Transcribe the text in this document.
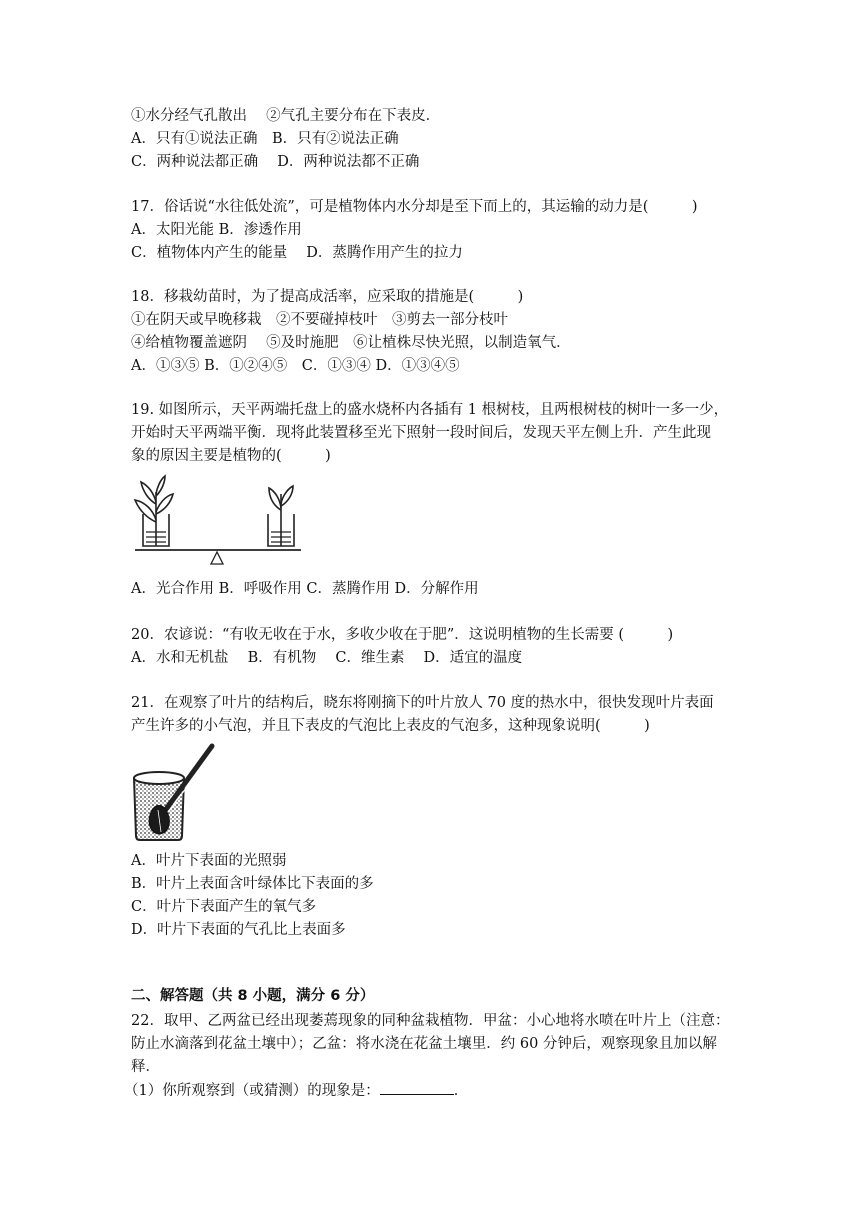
①水分经气孔散出　 ②气孔主要分布在下表皮．
A．只有①说法正确　B．只有②说法正确
C．两种说法都正确　 D．两种说法都不正确
17．俗话说“水往低处流”，可是植物体内水分却是至下而上的，其运输的动力是(　　　)
A．太阳光能 B．渗透作用
C．植物体内产生的能量　 D．蒸腾作用产生的拉力
18．移栽幼苗时，为了提高成活率，应采取的措施是(　　　)
①在阴天或早晚移栽　②不要碰掉枝叶　③剪去一部分枝叶
④给植物覆盖遮阴　 ⑤及时施肥　⑥让植株尽快光照，以制造氧气．
A．①③⑤ B．①②④⑤　C．①③④ D．①③④⑤
19. 如图所示，天平两端托盘上的盛水烧杯内各插有 1 根树枝，且两根树枝的树叶一多一少，
开始时天平两端平衡．现将此装置移至光下照射一段时间后，发现天平左侧上升．产生此现
象的原因主要是植物的(　　　)
A．光合作用 B．呼吸作用 C．蒸腾作用 D．分解作用
20．农谚说：“有收无收在于水，多收少收在于肥”．这说明植物的生长需要 (　　　)
A．水和无机盐　 B．有机物　 C．维生素　 D．适宜的温度
21．在观察了叶片的结构后，晓东将刚摘下的叶片放人 70 度的热水中，很快发现叶片表面
产生许多的小气泡，并且下表皮的气泡比上表皮的气泡多，这种现象说明(　　　)
A．叶片下表面的光照弱
B．叶片上表面含叶绿体比下表面的多
C．叶片下表面产生的氧气多
D．叶片下表面的气孔比上表面多
二、解答题（共 8 小题，满分 6 分）
22．取甲、乙两盆已经出现萎蔫现象的同种盆栽植物．甲盆：小心地将水喷在叶片上（注意：
防止水滴落到花盆土壤中）；乙盆：将水浇在花盆土壤里．约 60 分钟后，观察现象且加以解
释．
（1）你所观察到（或猜测）的现象是：	．
